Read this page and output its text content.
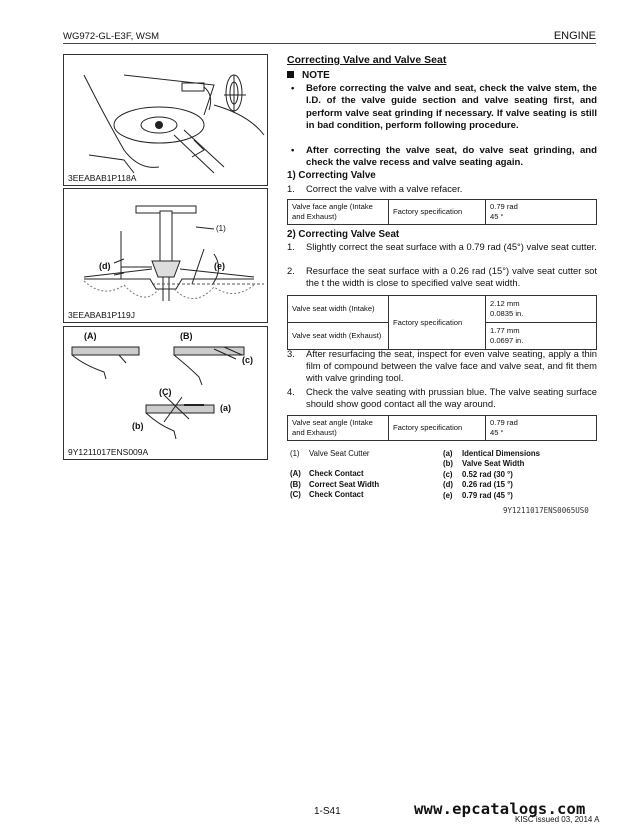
WG972-GL-E3F, WSM	ENGINE
3EEABAB1P118A
(1)
(d)	(e)
3EEABAB1P119J
(A)	(B)
(C)
(a)
(b)
(c)
9Y1211017ENS009A
Correcting Valve and Valve Seat
NOTE
• Before correcting the valve and seat, check the valve stem, the I.D. of the valve guide section and valve seating first, and perform valve seat grinding if necessary. If valve seating is still in bad condition, perform following procedure.
• After correcting the valve seat, do valve seat grinding, and check the valve recess and valve seating again.
1) Correcting Valve
1. Correct the valve with a valve refacer.
Valve face angle (Intake and Exhaust)	Factory specification	
0.79 rad
45 °
2) Correcting Valve Seat
1. Slightly correct the seat surface with a 0.79 rad (45°) valve seat cutter.
2. Resurface the seat surface with a 0.26 rad (15°) valve seat cutter sot the t the width is close to specified valve seat width.
Valve seat width (Intake)	Factory specification	2.12 mm
0.0835 in.

Valve seat width (Exhaust)		1.77 mm
0.0697 in.
3. After resurfacing the seat, inspect for even valve seating, apply a thin film of compound between the valve face and valve seat, and fit them with valve grinding tool.
4. Check the valve seating with prussian blue. The valve seating surface should show good contact all the way around.
Valve seat angle (Intake and Exhaust)	Factory specification	
0.79 rad
45 °
(1) Valve Seat Cutter
(A) Check Contact
(B) Correct Seat Width
(C) Check Contact
(a) Identical Dimensions
(b) Valve Seat Width
(c) 0.52 rad (30 °)
(d) 0.26 rad (15 °)
(e) 0.79 rad (45 °)
9Y1211017ENS0065US0
1-S41	www.epcatalogs.com
KISC issued 03, 2014 A
